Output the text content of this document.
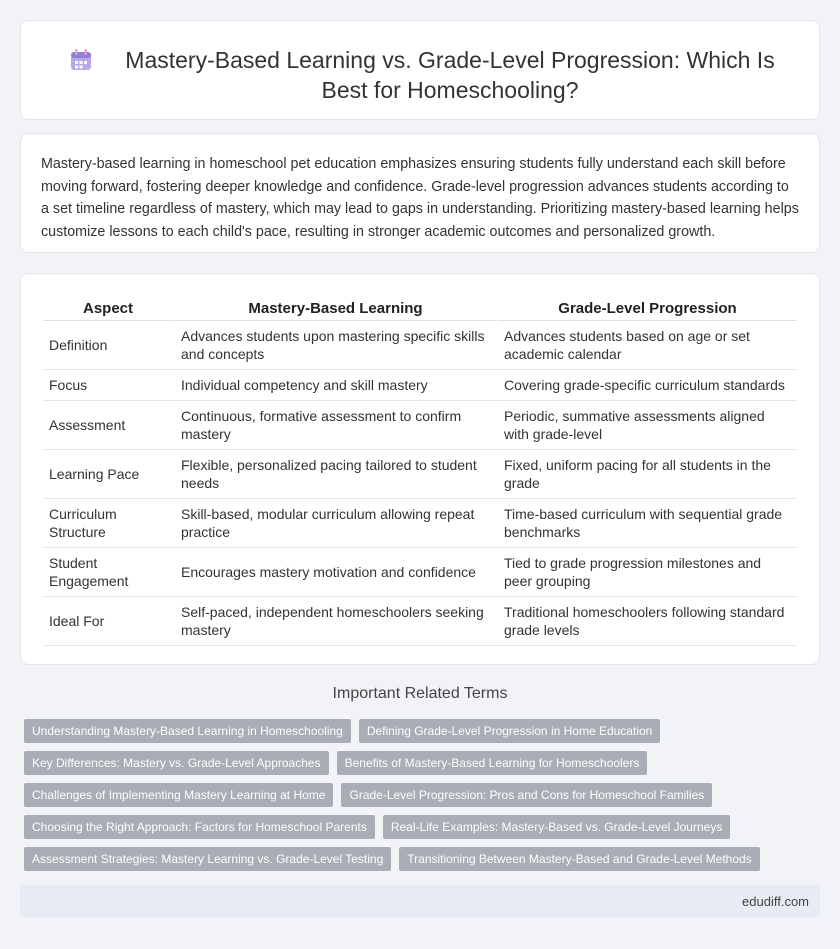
Mastery-Based Learning vs. Grade-Level Progression: Which Is Best for Homeschooling?

Mastery-based learning in homeschool pet education emphasizes ensuring students fully understand each skill before moving forward, fostering deeper knowledge and confidence. Grade-level progression advances students according to a set timeline regardless of mastery, which may lead to gaps in understanding. Prioritizing mastery-based learning helps customize lessons to each child's pace, resulting in stronger academic outcomes and personalized growth.

Aspect	Mastery-Based Learning	Grade-Level Progression
Definition	Advances students upon mastering specific skills and concepts	Advances students based on age or set academic calendar
Focus	Individual competency and skill mastery	Covering grade-specific curriculum standards
Assessment	Continuous, formative assessment to confirm mastery	Periodic, summative assessments aligned with grade-level
Learning Pace	Flexible, personalized pacing tailored to student needs	Fixed, uniform pacing for all students in the grade
Curriculum Structure	Skill-based, modular curriculum allowing repeat practice	Time-based curriculum with sequential grade benchmarks
Student Engagement	Encourages mastery motivation and confidence	Tied to grade progression milestones and peer grouping
Ideal For	Self-paced, independent homeschoolers seeking mastery	Traditional homeschoolers following standard grade levels
Important Related Terms
Understanding Mastery-Based Learning in Homeschooling	Defining Grade-Level Progression in Home Education
Key Differences: Mastery vs. Grade-Level Approaches	Benefits of Mastery-Based Learning for Homeschoolers
Challenges of Implementing Mastery Learning at Home	Grade-Level Progression: Pros and Cons for Homeschool Families
Choosing the Right Approach: Factors for Homeschool Parents	Real-Life Examples: Mastery-Based vs. Grade-Level Journeys
Assessment Strategies: Mastery Learning vs. Grade-Level Testing	Transitioning Between Mastery-Based and Grade-Level Methods
edudiff.com
